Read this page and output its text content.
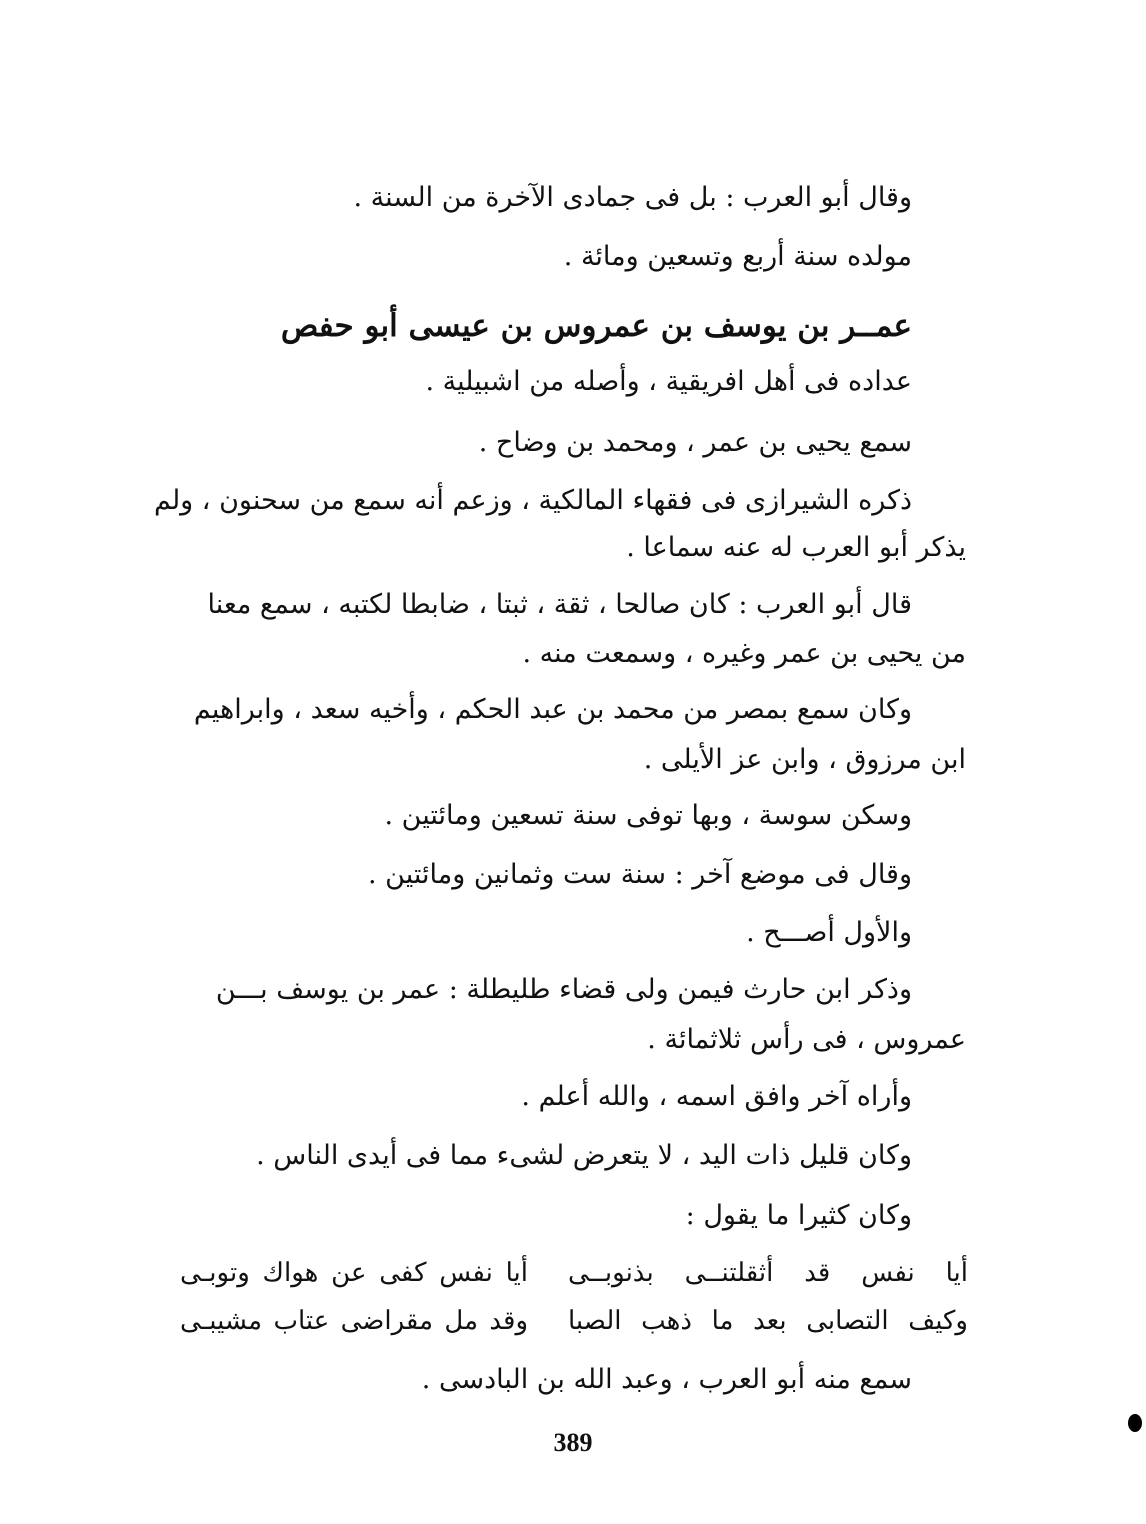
وقال أبو العرب : بل فى جمادى الآخرة من السنة .
مولده سنة أربع وتسعين ومائة .
عمــر بن يوسف بن عمروس بن عيسى أبو حفص
عداده فى أهل افريقية ، وأصله من اشبيلية .
سمع يحيى بن عمر ، ومحمد بن وضاح .
ذكره الشيرازى فى فقهاء المالكية ، وزعم أنه سمع من سحنون ، ولم
يذكر أبو العرب له عنه سماعا .
قال أبو العرب : كان صالحا ، ثقة ، ثبتا ، ضابطا لكتبه ، سمع معنا
من يحيى بن عمر وغيره ، وسمعت منه .
وكان سمع بمصر من محمد بن عبد الحكم ، وأخيه سعد ، وابراهيم
ابن مرزوق ، وابن عز الأيلى .
وسكن سوسة ، وبها توفى سنة تسعين ومائتين .
وقال فى موضع آخر : سنة ست وثمانين ومائتين .
والأول أصـــح .
وذكر ابن حارث فيمن ولى قضاء طليطلة : عمر بن يوسف بـــن
عمروس ، فى رأس ثلاثمائة .
وأراه آخر وافق اسمه ، والله أعلم .
وكان قليل ذات اليد ، لا يتعرض لشىء مما فى أيدى الناس .
وكان كثيرا ما يقول :
أيا نفس قد أثقلتنــى بذنوبــى
أيا نفس كفى عن هواك وتوبـى
وكيف التصابى بعد ما ذهب الصبا
وقد مل مقراضى عتاب مشيبـى
سمع منه أبو العرب ، وعبد الله بن البادسى .
389
